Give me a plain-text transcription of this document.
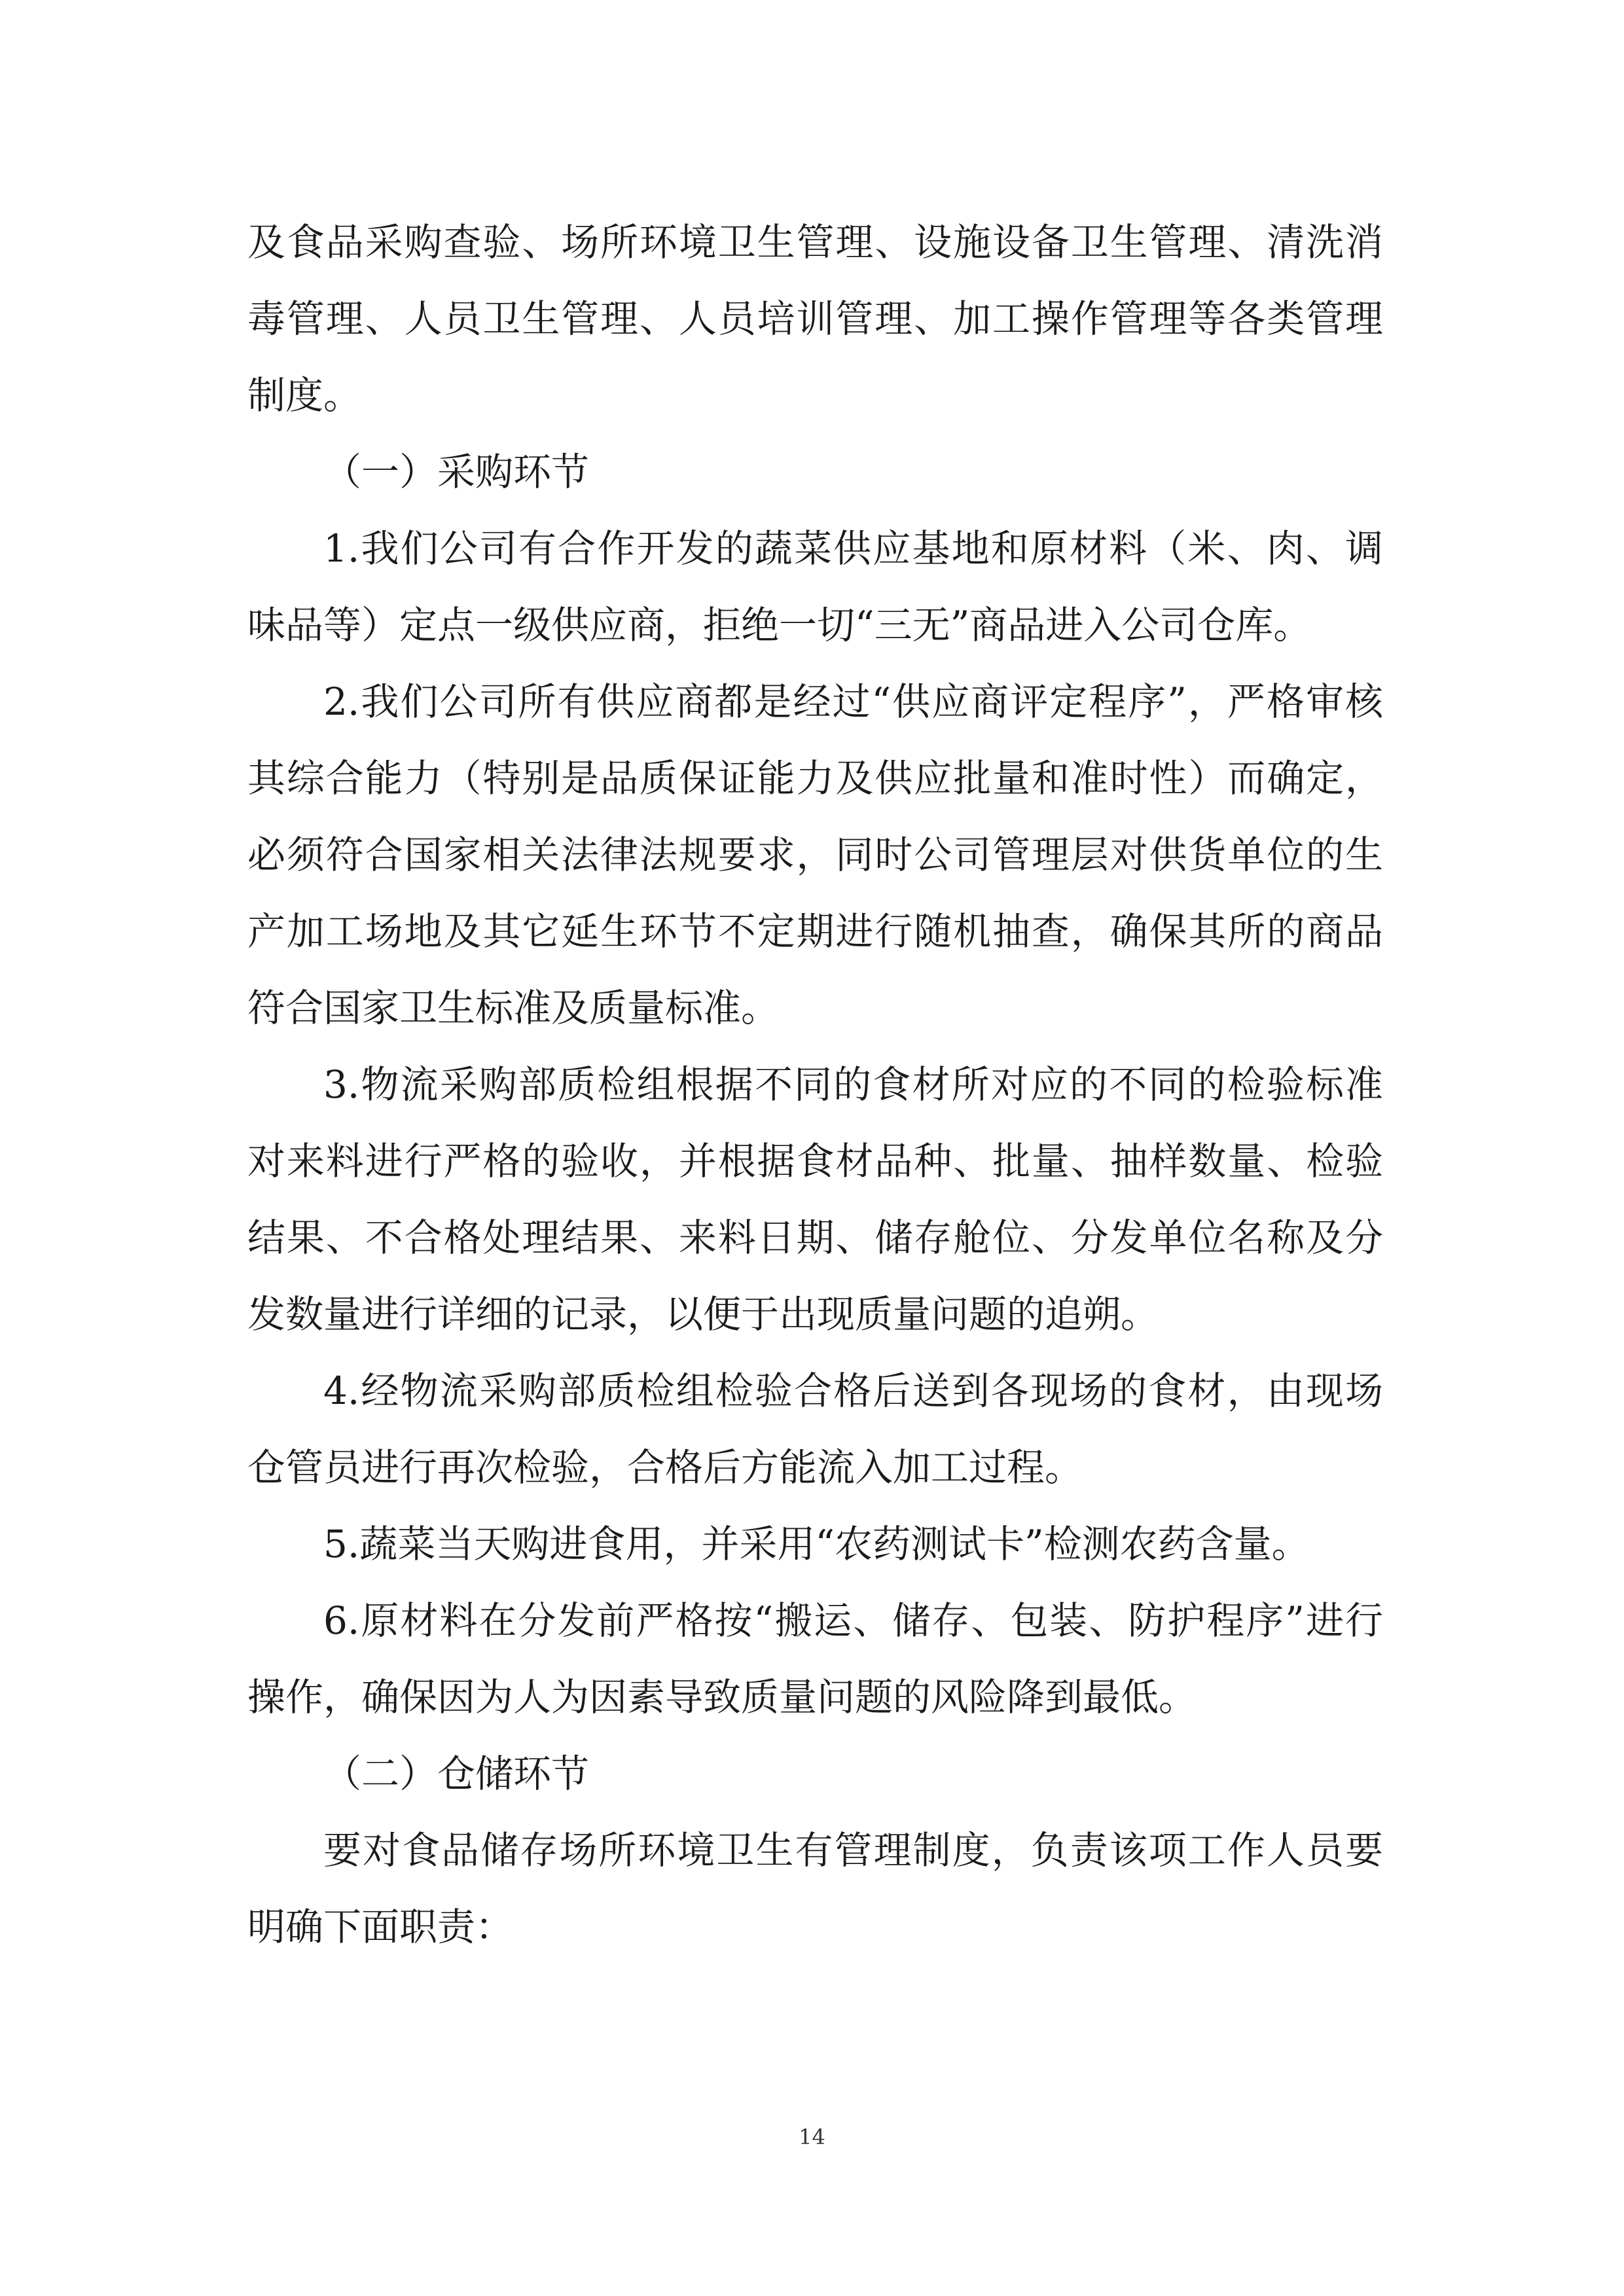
及食品采购查验、场所环境卫生管理、设施设备卫生管理、清洗消毒管理、人员卫生管理、人员培训管理、加工操作管理等各类管理制度。

（一）采购环节

1.我们公司有合作开发的蔬菜供应基地和原材料（米、肉、调味品等）定点一级供应商，拒绝一切“三无”商品进入公司仓库。

2.我们公司所有供应商都是经过“供应商评定程序”，严格审核其综合能力（特别是品质保证能力及供应批量和准时性）而确定，必须符合国家相关法律法规要求，同时公司管理层对供货单位的生产加工场地及其它延生环节不定期进行随机抽查，确保其所的商品符合国家卫生标准及质量标准。

3.物流采购部质检组根据不同的食材所对应的不同的检验标准对来料进行严格的验收，并根据食材品种、批量、抽样数量、检验结果、不合格处理结果、来料日期、储存舱位、分发单位名称及分发数量进行详细的记录，以便于出现质量问题的追朔。

4.经物流采购部质检组检验合格后送到各现场的食材，由现场仓管员进行再次检验，合格后方能流入加工过程。

5.蔬菜当天购进食用，并采用“农药测试卡”检测农药含量。

6.原材料在分发前严格按“搬运、储存、包装、防护程序”进行操作，确保因为人为因素导致质量问题的风险降到最低。

（二）仓储环节

要对食品储存场所环境卫生有管理制度，负责该项工作人员要明确下面职责：

14
